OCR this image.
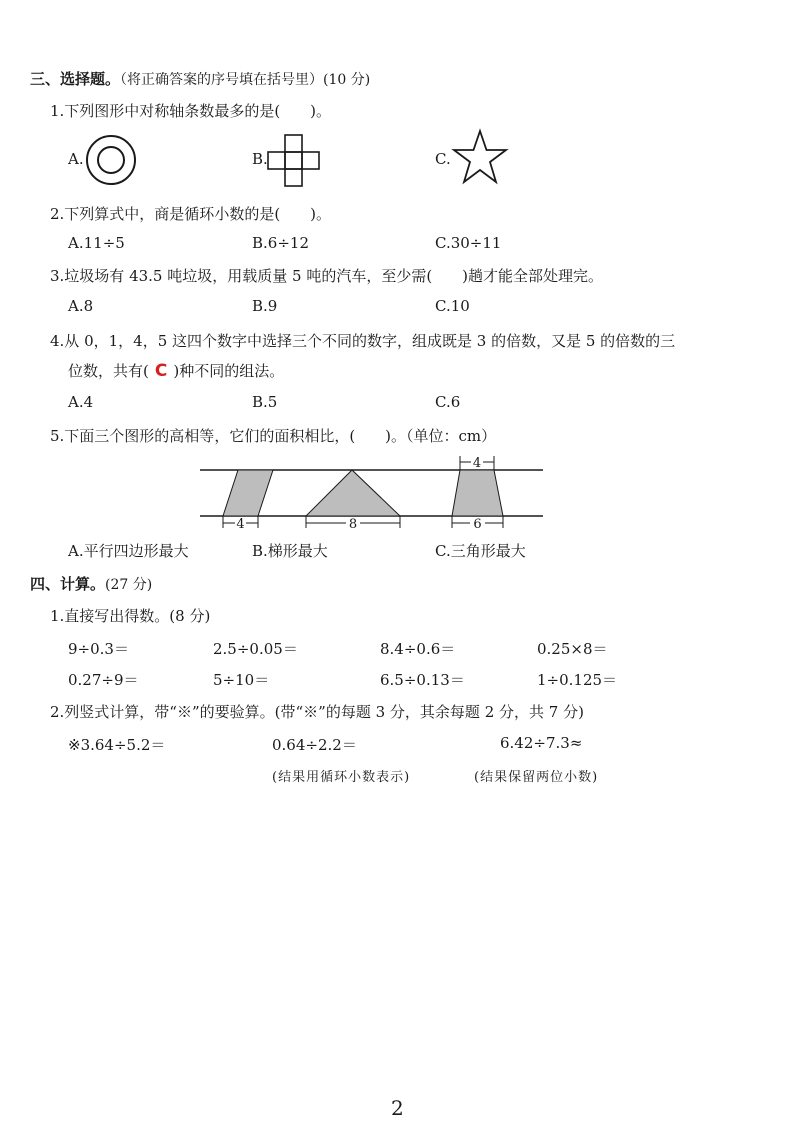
三、选择题。（将正确答案的序号填在括号里）(10 分)
1.下列图形中对称轴条数最多的是(　　)。
A.	B.	C.
2.下列算式中，商是循环小数的是(　　)。
A.11÷5	B.6÷12	C.30÷11
3.垃圾场有 43.5 吨垃圾，用载质量 5 吨的汽车，至少需(　　)趟才能全部处理完。
A.8	B.9	C.10
4.从 0，1，4，5 这四个数字中选择三个不同的数字，组成既是 3 的倍数，又是 5 的倍数的三
位数，共有( C )种不同的组法。
A.4	B.5	C.6
5.下面三个图形的高相等，它们的面积相比，(　　)。（单位：cm）
4	8
4
6
A.平行四边形最大	B.梯形最大	C.三角形最大
四、计算。(27 分)
1.直接写出得数。(8 分)
9÷0.3＝	2.5÷0.05＝	8.4÷0.6＝	0.25×8＝
0.27÷9＝	5÷10＝	6.5÷0.13＝	1÷0.125＝
2.列竖式计算，带“※”的要验算。(带“※”的每题 3 分，其余每题 2 分，共 7 分)
※3.64÷5.2＝	0.64÷2.2＝	6.42÷7.3≈
(结果用循环小数表示)	(结果保留两位小数)
2
